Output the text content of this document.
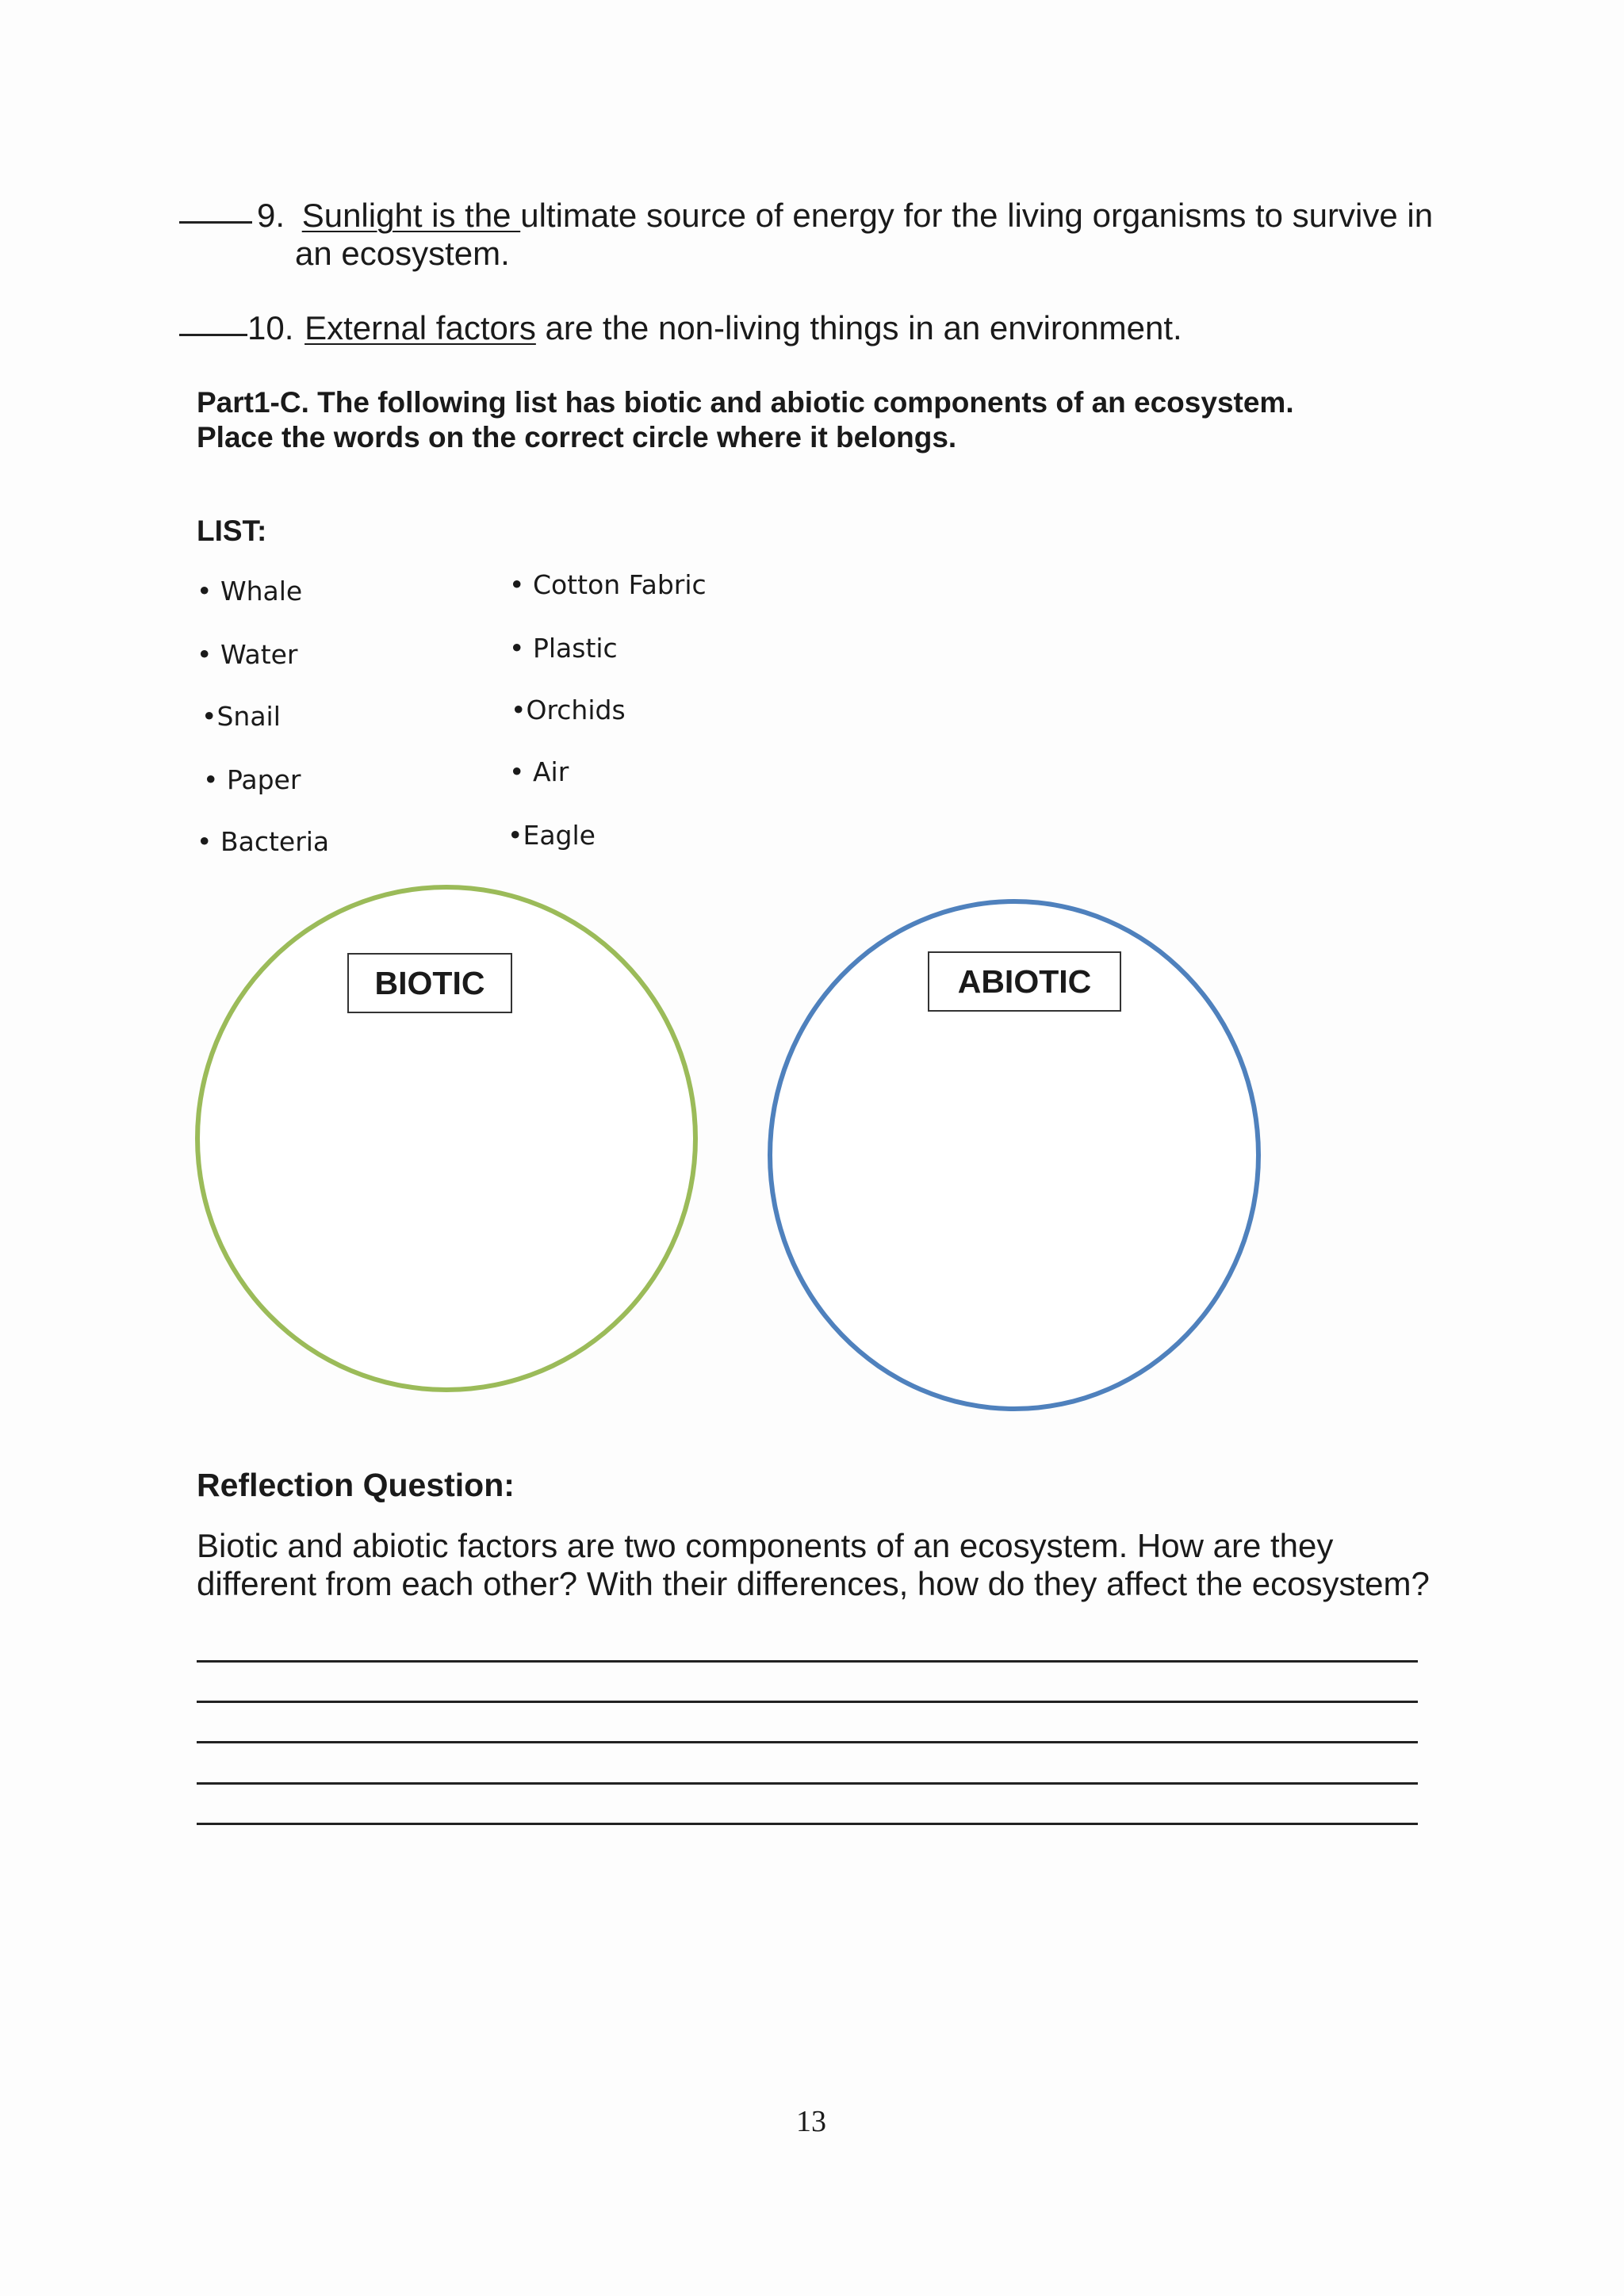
9. Sunlight is the ultimate source of energy for the living organisms to survive in
an ecosystem.
10. External factors are the non-living things in an environment.
Part1-C. The following list has biotic and abiotic components of an ecosystem.
Place the words on the correct circle where it belongs.
LIST:
• Whale
• Water
•Snail
• Paper
• Bacteria
• Cotton Fabric
• Plastic
•Orchids
• Air
•Eagle
BIOTIC	ABIOTIC
Reflection Question:
Biotic and abiotic factors are two components of an ecosystem. How are they
different from each other? With their differences, how do they affect the ecosystem?
13
